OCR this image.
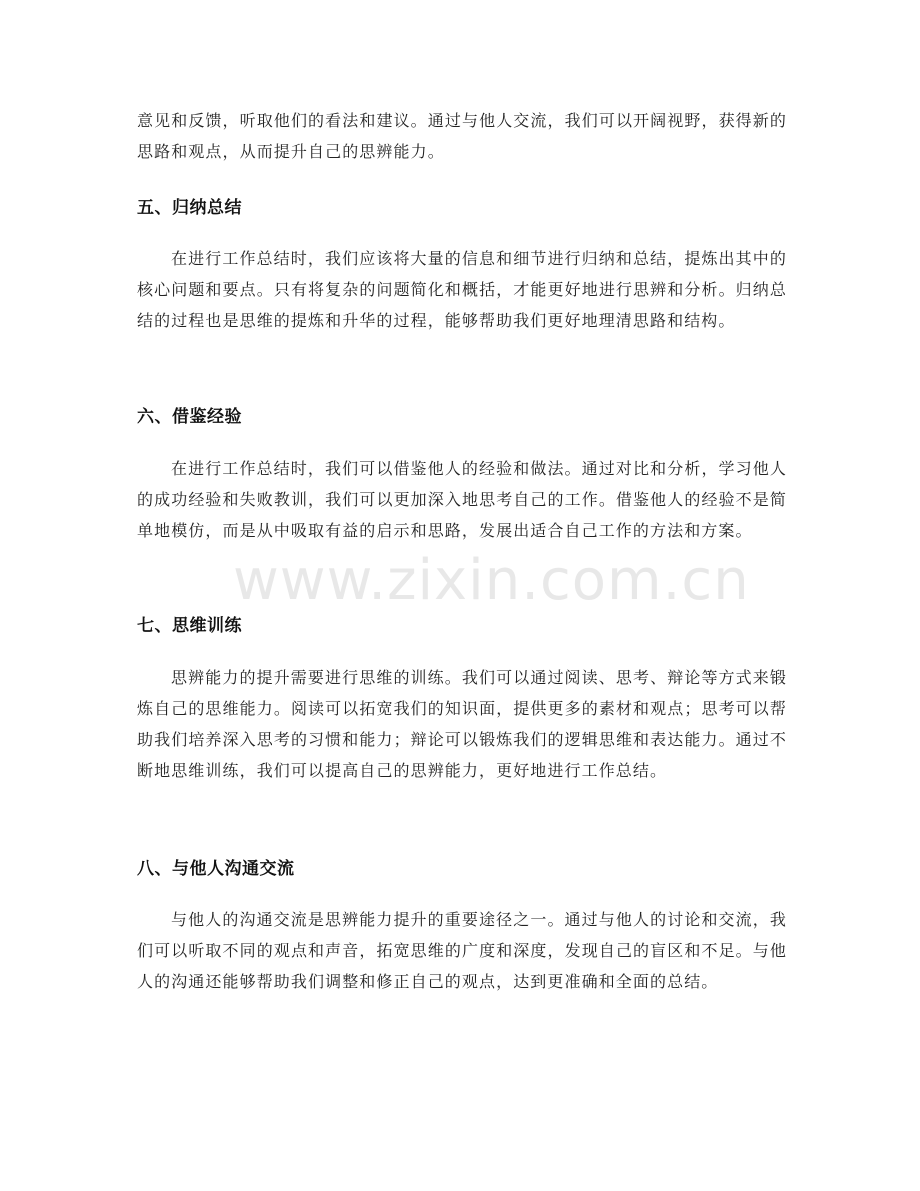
意见和反馈，听取他们的看法和建议。通过与他人交流，我们可以开阔视野，获得新的思路和观点，从而提升自己的思辨能力。

五、归纳总结

在进行工作总结时，我们应该将大量的信息和细节进行归纳和总结，提炼出其中的核心问题和要点。只有将复杂的问题简化和概括，才能更好地进行思辨和分析。归纳总结的过程也是思维的提炼和升华的过程，能够帮助我们更好地理清思路和结构。

六、借鉴经验

在进行工作总结时，我们可以借鉴他人的经验和做法。通过对比和分析，学习他人的成功经验和失败教训，我们可以更加深入地思考自己的工作。借鉴他人的经验不是简单地模仿，而是从中吸取有益的启示和思路，发展出适合自己工作的方法和方案。

七、思维训练

思辨能力的提升需要进行思维的训练。我们可以通过阅读、思考、辩论等方式来锻炼自己的思维能力。阅读可以拓宽我们的知识面，提供更多的素材和观点；思考可以帮助我们培养深入思考的习惯和能力；辩论可以锻炼我们的逻辑思维和表达能力。通过不断地思维训练，我们可以提高自己的思辨能力，更好地进行工作总结。

八、与他人沟通交流

与他人的沟通交流是思辨能力提升的重要途径之一。通过与他人的讨论和交流，我们可以听取不同的观点和声音，拓宽思维的广度和深度，发现自己的盲区和不足。与他人的沟通还能够帮助我们调整和修正自己的观点，达到更准确和全面的总结。

www.zixin.com.cn
